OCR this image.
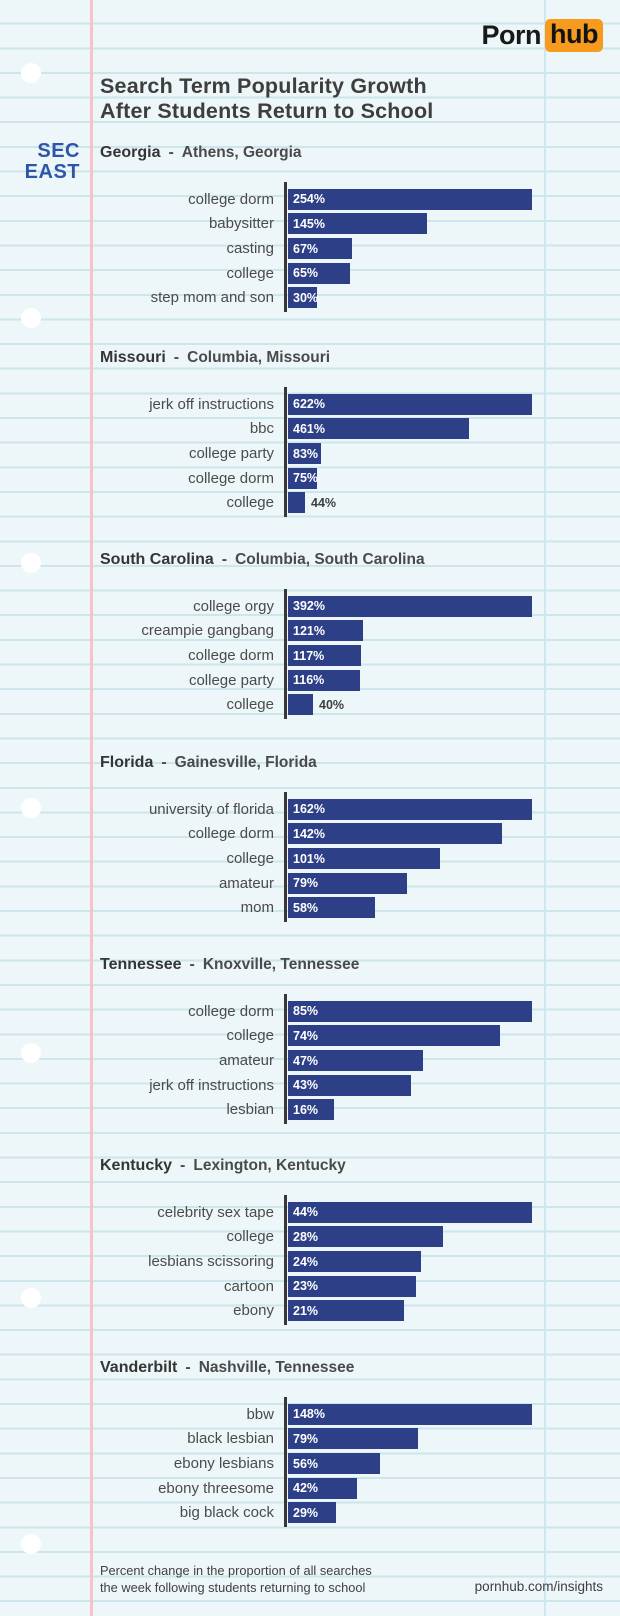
Porn hub
Search Term Popularity Growth
After Students Return to School
SEC
EAST
Georgia - Athens, Georgia
college dorm	254%
babysitter	145%
casting	67%
college	65%
step mom and son	30%
Missouri - Columbia, Missouri
jerk off instructions	622%
bbc	461%
college party	83%
college dorm	75%
college	44%
South Carolina - Columbia, South Carolina
college orgy	392%
creampie gangbang	121%
college dorm	117%
college party	116%
college	40%
Florida - Gainesville, Florida
university of florida	162%
college dorm	142%
college	101%
amateur	79%
mom	58%
Tennessee - Knoxville, Tennessee
college dorm	85%
college	74%
amateur	47%
jerk off instructions	43%
lesbian	16%
Kentucky - Lexington, Kentucky
celebrity sex tape	44%
college	28%
lesbians scissoring	24%
cartoon	23%
ebony	21%
Vanderbilt - Nashville, Tennessee
bbw	148%
black lesbian	79%
ebony lesbians	56%
ebony threesome	42%
big black cock	29%
Percent change in the proportion of all searches
the week following students returning to school	pornhub.com/insights
